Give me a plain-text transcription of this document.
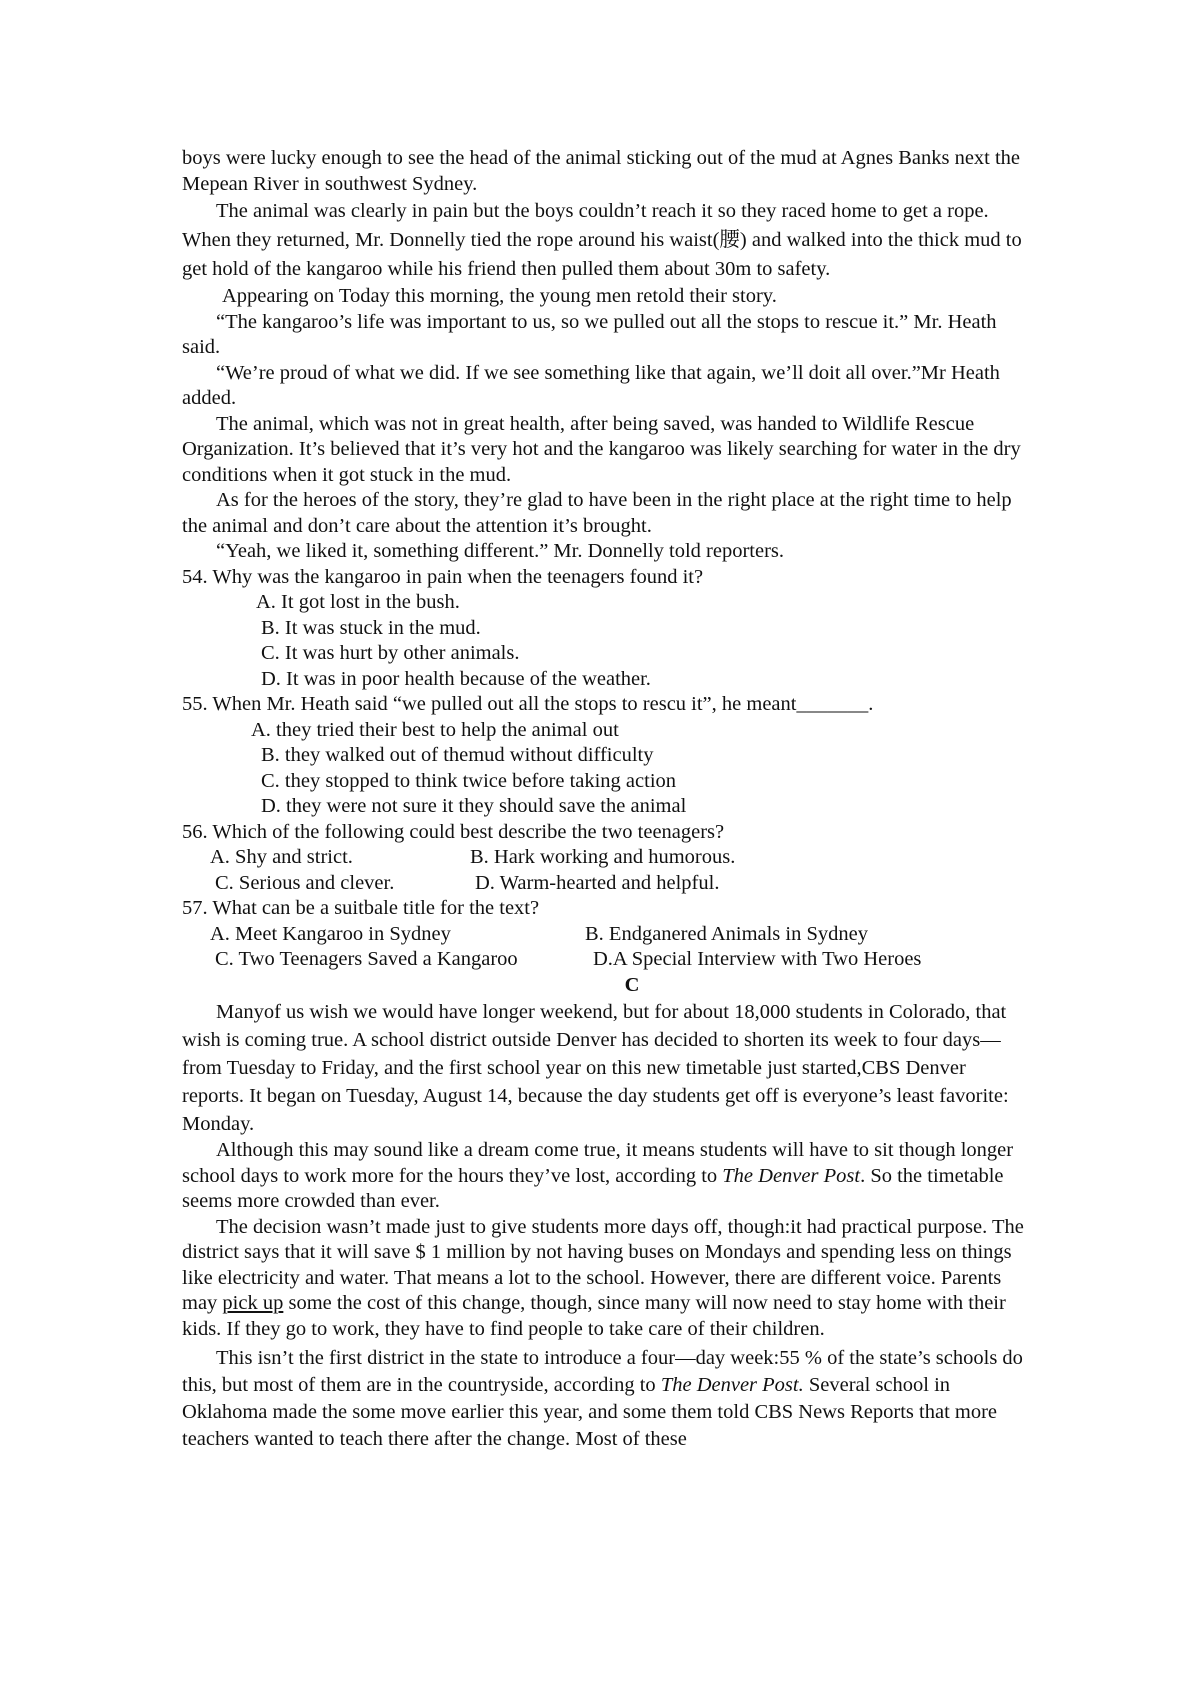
boys were lucky enough to see the head of the animal sticking out of the mud at Agnes Banks next the Mepean River in southwest Sydney.

The animal was clearly in pain but the boys couldn’t reach it so they raced home to get a rope. When they returned, Mr. Donnelly tied the rope around his waist(腰) and walked into the thick mud to get hold of the kangaroo while his friend then pulled them about 30m to safety.

Appearing on Today this morning, the young men retold their story.

“The kangaroo’s life was important to us, so we pulled out all the stops to rescue it.” Mr. Heath said.

“We’re proud of what we did. If we see something like that again, we’ll doit all over.”Mr Heath added.

The animal, which was not in great health, after being saved, was handed to Wildlife Rescue Organization. It’s believed that it’s very hot and the kangaroo was likely searching for water in the dry conditions when it got stuck in the mud.

As for the heroes of the story, they’re glad to have been in the right place at the right time to help the animal and don’t care about the attention it’s brought.

“Yeah, we liked it, something different.” Mr. Donnelly told reporters.

54. Why was the kangaroo in pain when the teenagers found it?

A. It got lost in the bush.

B. It was stuck in the mud.

C. It was hurt by other animals.

D. It was in poor health because of the weather.

55. When Mr. Heath said “we pulled out all the stops to rescu it”, he meant_______.

A. they tried their best to help the animal out

B. they walked out of themud without difficulty

C. they stopped to think twice before taking action

D. they were not sure it they should save the animal

56. Which of the following could best describe the two teenagers?

A. Shy and strict.	B. Hark working and humorous.
C. Serious and clever.	D. Warm-hearted and helpful.

57. What can be a suitbale title for the text?

A. Meet Kangaroo in Sydney	B. Endganered Animals in Sydney
C. Two Teenagers Saved a Kangaroo	D.A Special Interview with Two Heroes

C

Manyof us wish we would have longer weekend, but for about 18,000 students in Colorado, that wish is coming true. A school district outside Denver has decided to shorten its week to four days—from Tuesday to Friday, and the first school year on this new timetable just started,CBS Denver reports. It began on Tuesday, August 14, because the day students get off is everyone’s least favorite: Monday.

Although this may sound like a dream come true, it means students will have to sit though longer school days to work more for the hours they’ve lost, according to The Denver Post. So the timetable seems more crowded than ever.

The decision wasn’t made just to give students more days off, though:it had practical purpose. The district says that it will save $ 1 million by not having buses on Mondays and spending less on things like electricity and water. That means a lot to the school. However, there are different voice. Parents may pick up some the cost of this change, though, since many will now need to stay home with their kids. If they go to work, they have to find people to take care of their children.

This isn’t the first district in the state to introduce a four—day week:55 % of the state’s schools do this, but most of them are in the countryside, according to The Denver Post. Several school in Oklahoma made the some move earlier this year, and some them told CBS News Reports that more teachers wanted to teach there after the change. Most of these
